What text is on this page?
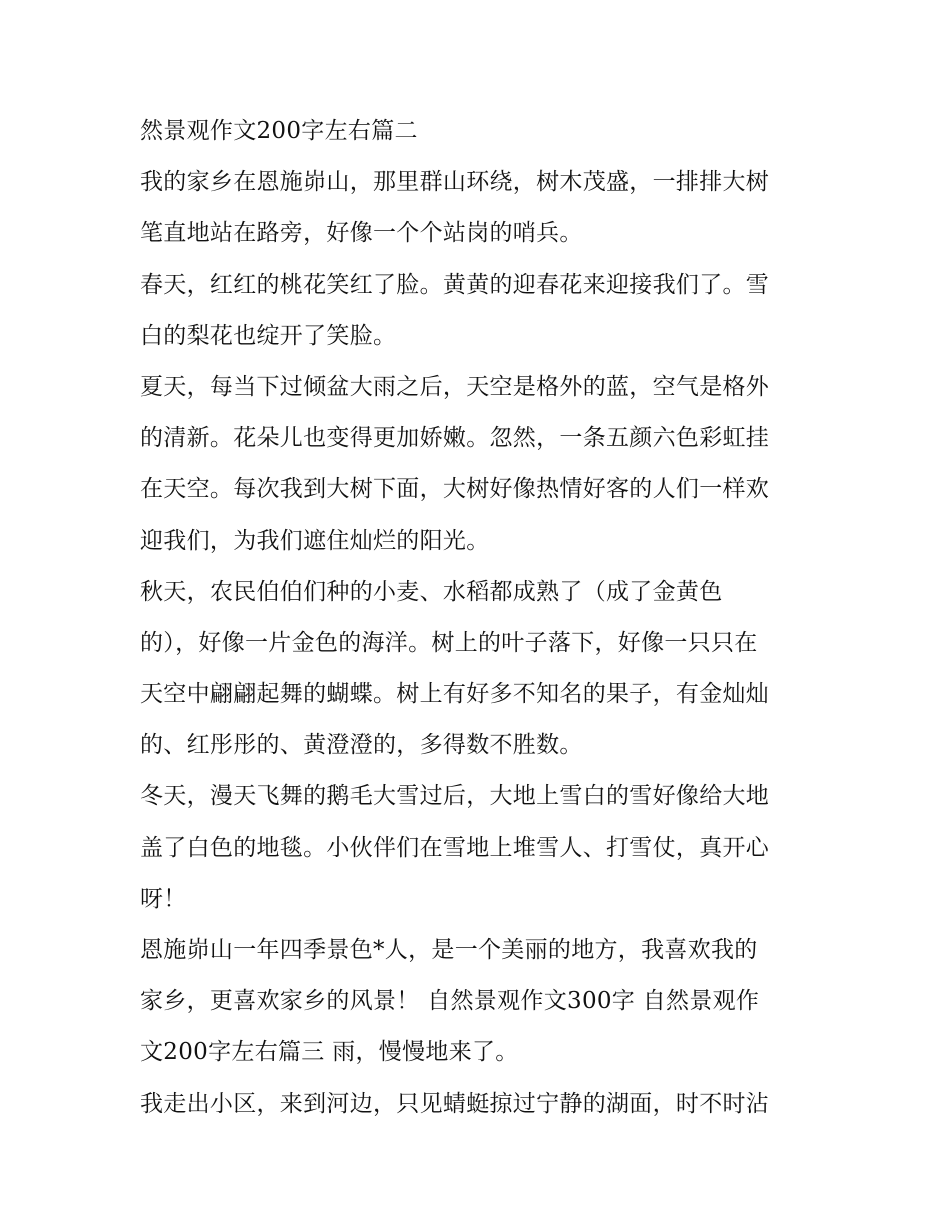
然景观作文200字左右篇二
我的家乡在恩施峁山，那里群山环绕，树木茂盛，一排排大树
笔直地站在路旁，好像一个个站岗的哨兵。
春天，红红的桃花笑红了脸。黄黄的迎春花来迎接我们了。雪
白的梨花也绽开了笑脸。
夏天，每当下过倾盆大雨之后，天空是格外的蓝，空气是格外
的清新。花朵儿也变得更加娇嫩。忽然，一条五颜六色彩虹挂
在天空。每次我到大树下面，大树好像热情好客的人们一样欢
迎我们，为我们遮住灿烂的阳光。
秋天，农民伯伯们种的小麦、水稻都成熟了（成了金黄色
的），好像一片金色的海洋。树上的叶子落下，好像一只只在
天空中翩翩起舞的蝴蝶。树上有好多不知名的果子，有金灿灿
的、红彤彤的、黄澄澄的，多得数不胜数。
冬天，漫天飞舞的鹅毛大雪过后，大地上雪白的雪好像给大地
盖了白色的地毯。小伙伴们在雪地上堆雪人、打雪仗，真开心
呀！
恩施峁山一年四季景色*人，是一个美丽的地方，我喜欢我的
家乡，更喜欢家乡的风景！ 自然景观作文300字 自然景观作
文200字左右篇三 雨，慢慢地来了。
我走出小区，来到河边，只见蜻蜓掠过宁静的湖面，时不时沾
